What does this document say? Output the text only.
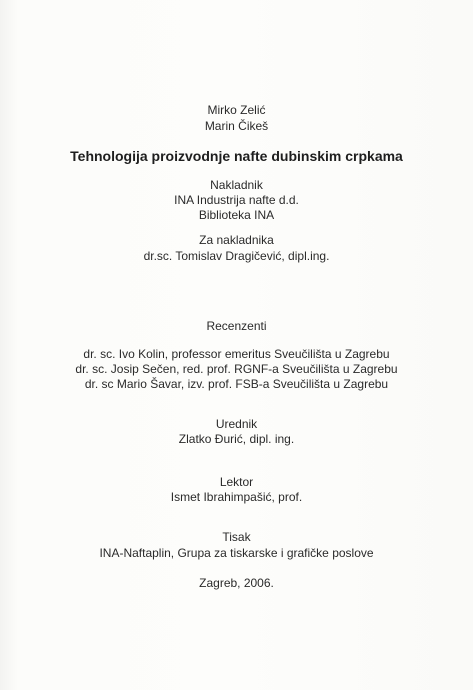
Mirko Zelić
Marin Čikeš
Tehnologija proizvodnje nafte dubinskim crpkama
Nakladnik
INA Industrija nafte d.d.
Biblioteka INA
Za nakladnika
dr.sc. Tomislav Dragičević, dipl.ing.
Recenzenti
dr. sc. Ivo Kolin, professor emeritus Sveučilišta u Zagrebu
dr. sc. Josip Sečen, red. prof. RGNF-a Sveučilišta u Zagrebu
dr. sc Mario Šavar, izv. prof. FSB-a Sveučilišta u Zagrebu
Urednik
Zlatko Đurić, dipl. ing.
Lektor
Ismet Ibrahimpašić, prof.
Tisak
INA-Naftaplin, Grupa za tiskarske i grafičke poslove
Zagreb, 2006.
